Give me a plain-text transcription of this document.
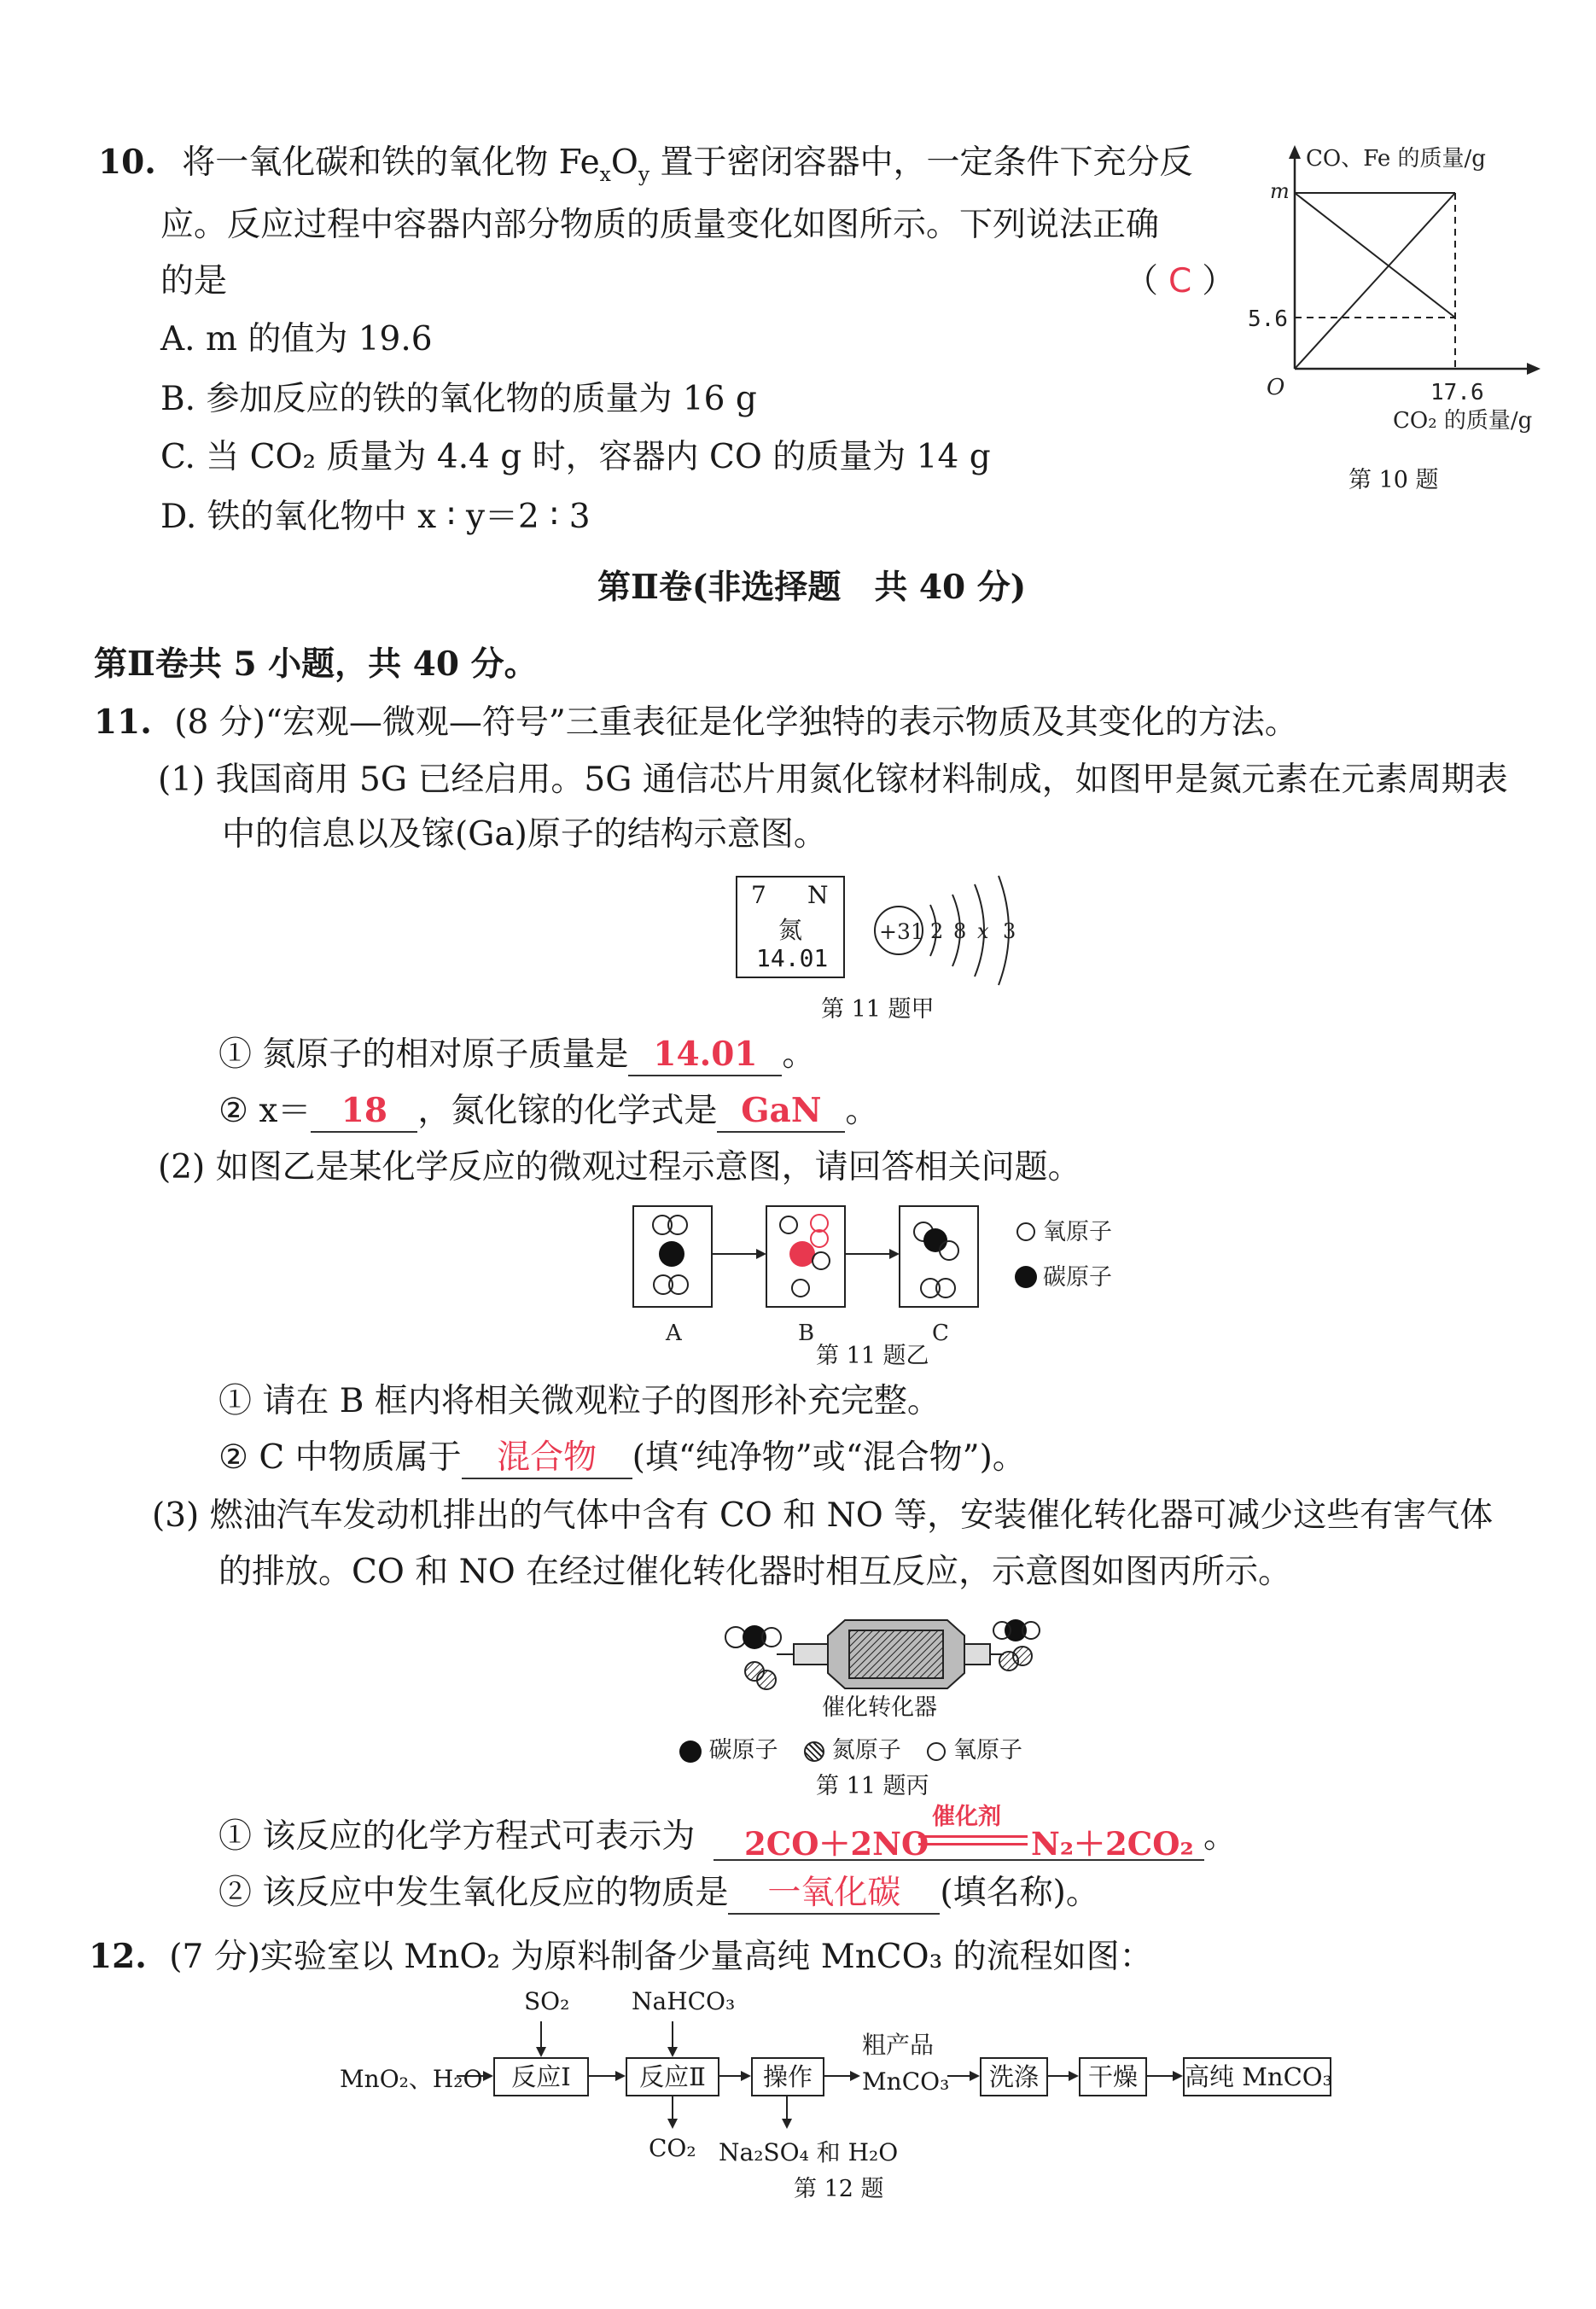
10. 将一氧化碳和铁的氧化物 $Fe_xO_y$ 置于密闭容器中，一定条件下充分反
应。反应过程中容器内部分物质的质量变化如图所示。下列说法正确
的是	（ C ）
A. m 的值为 19.6
B. 参加反应的铁的氧化物的质量为 16 g
C. 当 CO₂ 质量为 4.4 g 时，容器内 CO 的质量为 14 g
D. 铁的氧化物中 x ∶ y＝2 ∶ 3
CO、Fe 的质量/g
m
5.6
O	17.6
CO₂ 的质量/g
第 10 题
第Ⅱ卷(非选择题　共 40 分)
第Ⅱ卷共 5 小题，共 40 分。
11. (8 分)“宏观—微观—符号”三重表征是化学独特的表示物质及其变化的方法。
(1) 我国商用 5G 已经启用。5G 通信芯片用氮化镓材料制成，如图甲是氮元素在元素周期表
中的信息以及镓(Ga)原子的结构示意图。
7 N
氮
14.01
+31 2 8 x 3
第 11 题甲
① 氮原子的相对原子质量是 14.01 。
② x＝ 18 ，氮化镓的化学式是 GaN 。
(2) 如图乙是某化学反应的微观过程示意图，请回答相关问题。
A	B	C
氧原子
碳原子
第 11 题乙
① 请在 B 框内将相关微观粒子的图形补充完整。
② C 中物质属于 混合物 (填“纯净物”或“混合物”)。
(3) 燃油汽车发动机排出的气体中含有 CO 和 NO 等，安装催化转化器可减少这些有害气体
的排放。CO 和 NO 在经过催化转化器时相互反应，示意图如图丙所示。
催化转化器
碳原子 氮原子 氧原子
第 11 题丙
① 该反应的化学方程式可表示为 2CO＋2NO
催化剂
N₂＋2CO₂ 。
② 该反应中发生氧化反应的物质是 一氧化碳 (填名称)。
12. (7 分)实验室以 MnO₂ 为原料制备少量高纯 MnCO₃ 的流程如图：
MnO₂、H₂O	反应Ⅰ	反应Ⅱ	操作
粗产品
MnCO₃	洗涤	干燥	高纯 MnCO₃
SO₂	NaHCO₃
CO₂ Na₂SO₄ 和 H₂O
第 12 题
